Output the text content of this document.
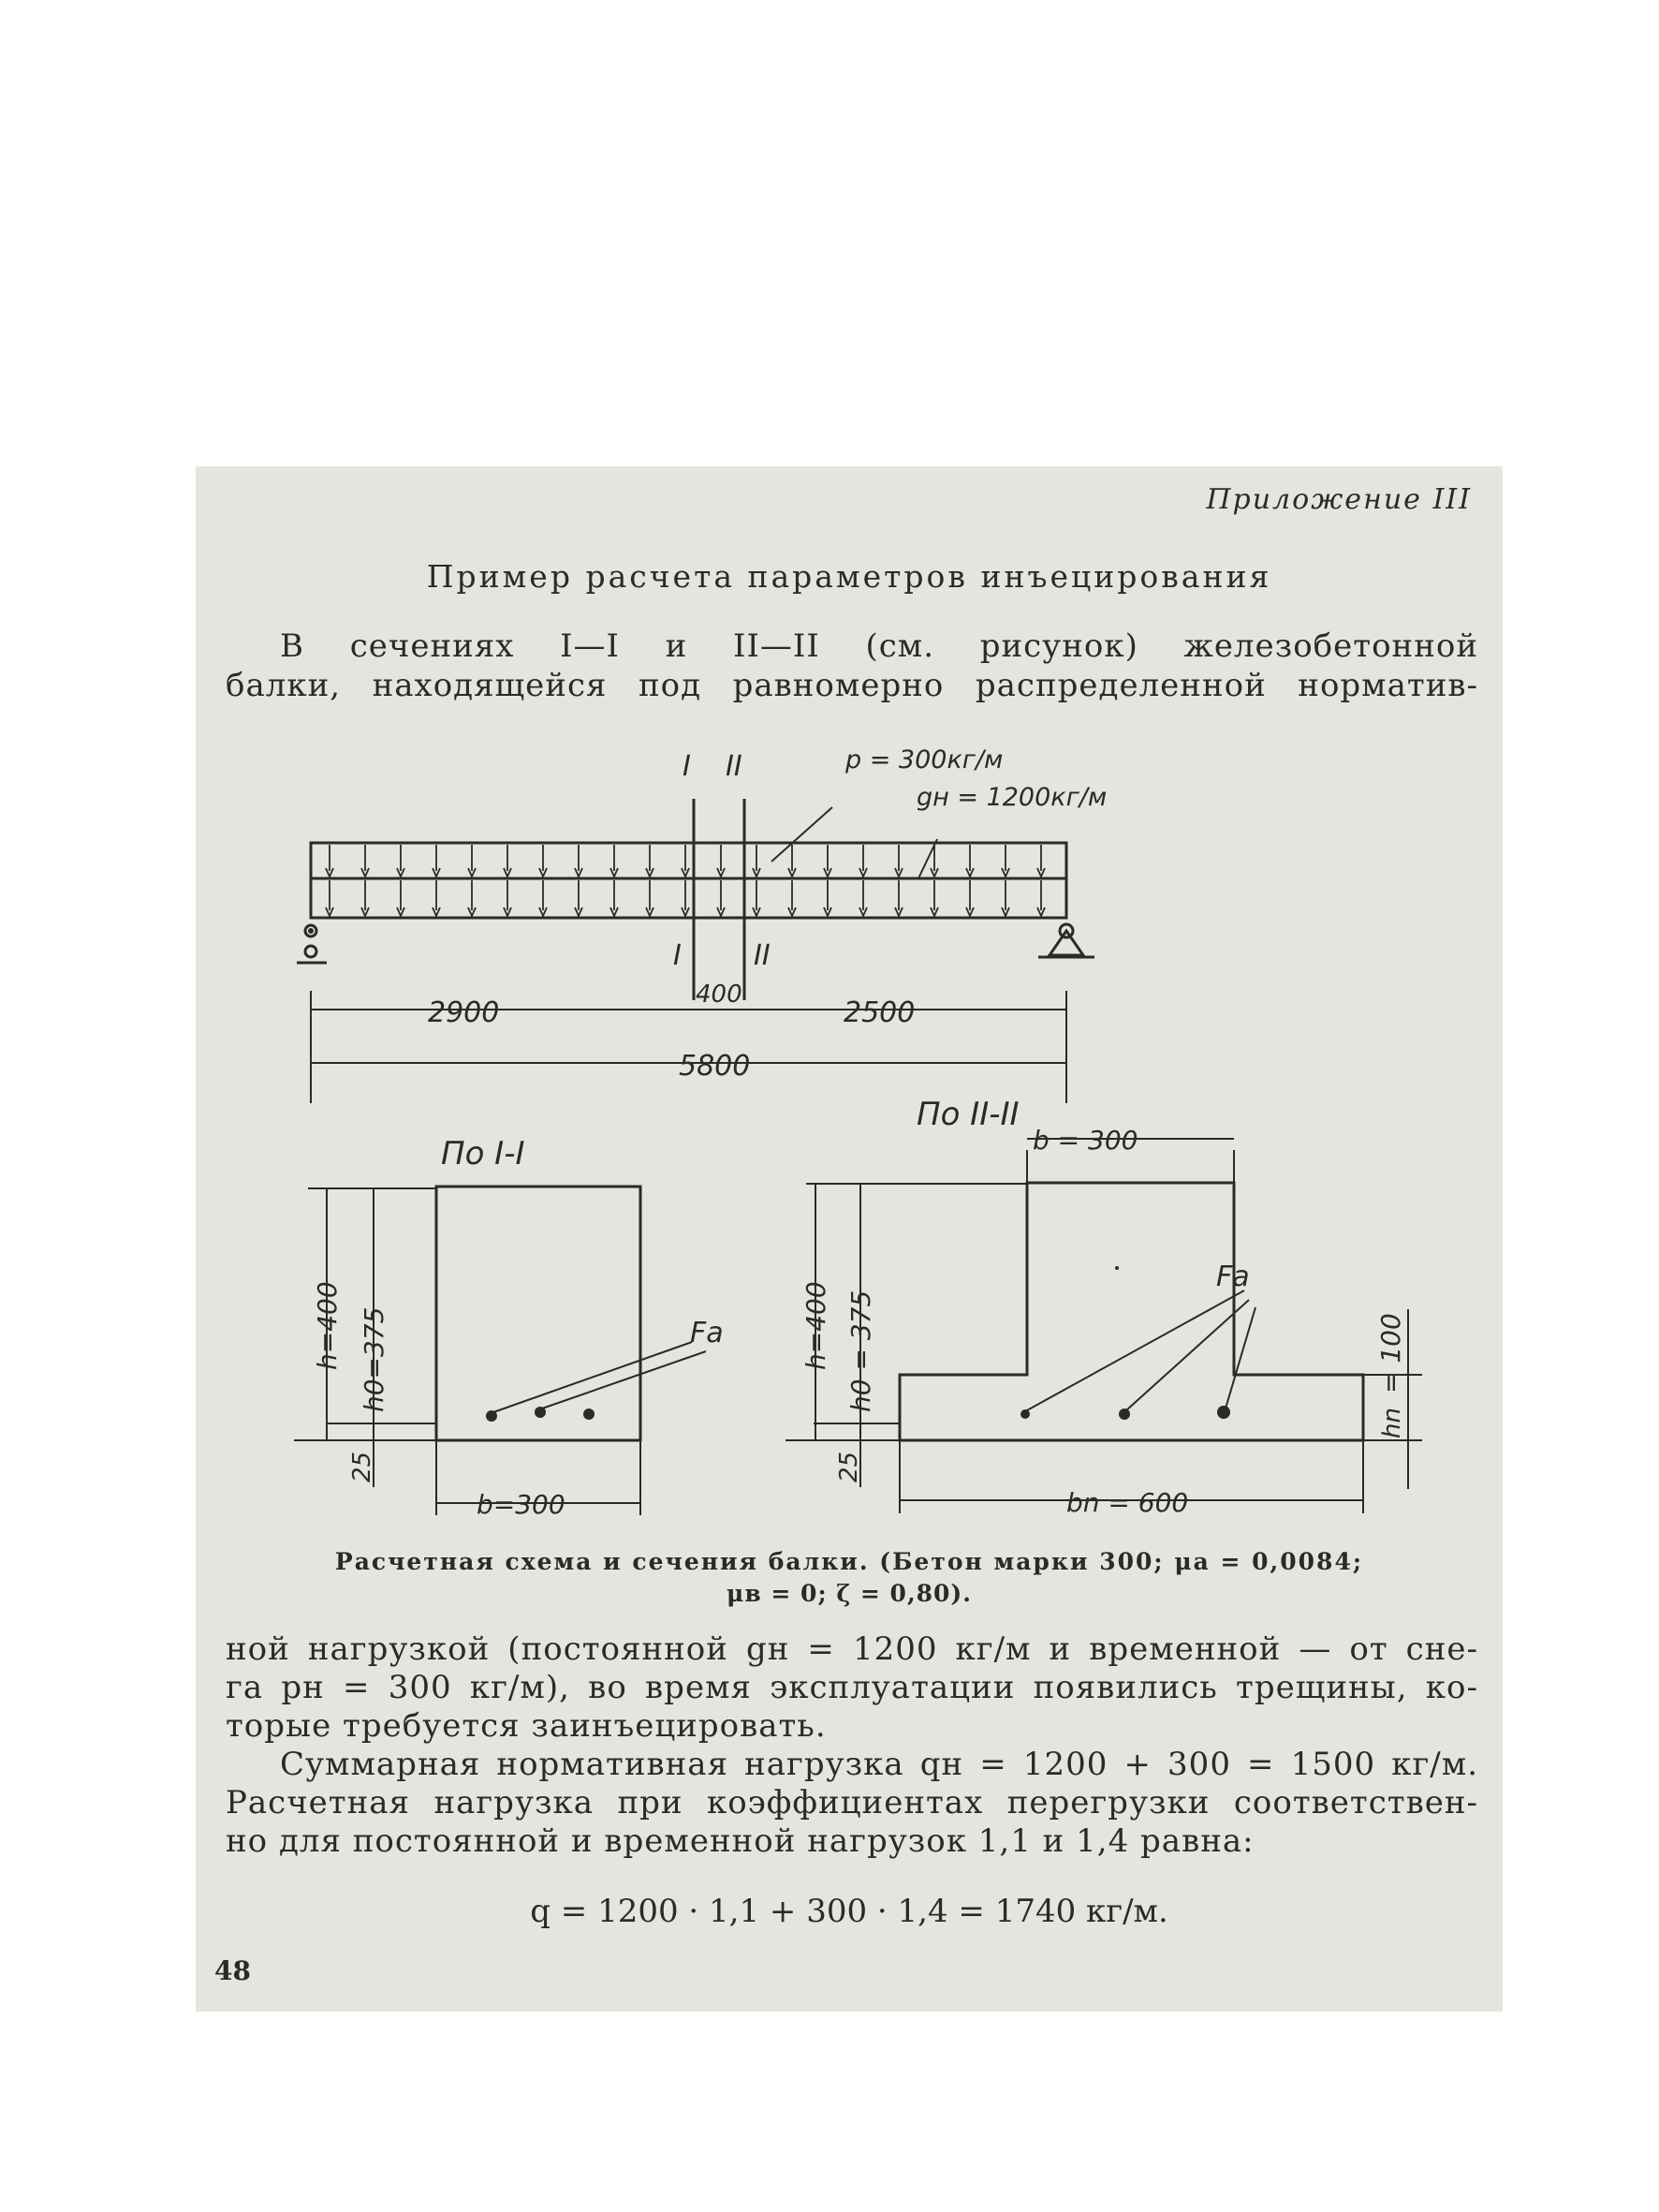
Приложение III
Пример расчета параметров инъецирования
В сечениях I—I и II—II (см. рисунок) железобетонной
балки, находящейся под равномерно распределенной норматив-
I II
I	II
p = 300кг/м
gн = 1200кг/м
2900
400
2500
5800
По I-I
По II-II
Fa
Fa
b=300
b = 300
bn = 600
h=400 h0=375
25
h=400 h0 = 375
25
= 100
hn
Расчетная схема и сечения балки. (Бетон марки 300; μа = 0,0084;
μв = 0; ζ = 0,80).
ной нагрузкой (постоянной gн = 1200 кг/м и временной — от сне-
га pн = 300 кг/м), во время эксплуатации появились трещины, ко-
торые требуется заинъецировать.
Суммарная нормативная нагрузка qн = 1200 + 300 = 1500 кг/м.
Расчетная нагрузка при коэффициентах перегрузки соответствен-
но для постоянной и временной нагрузок 1,1 и 1,4 равна:
q = 1200 · 1,1 + 300 · 1,4 = 1740 кг/м.
48
